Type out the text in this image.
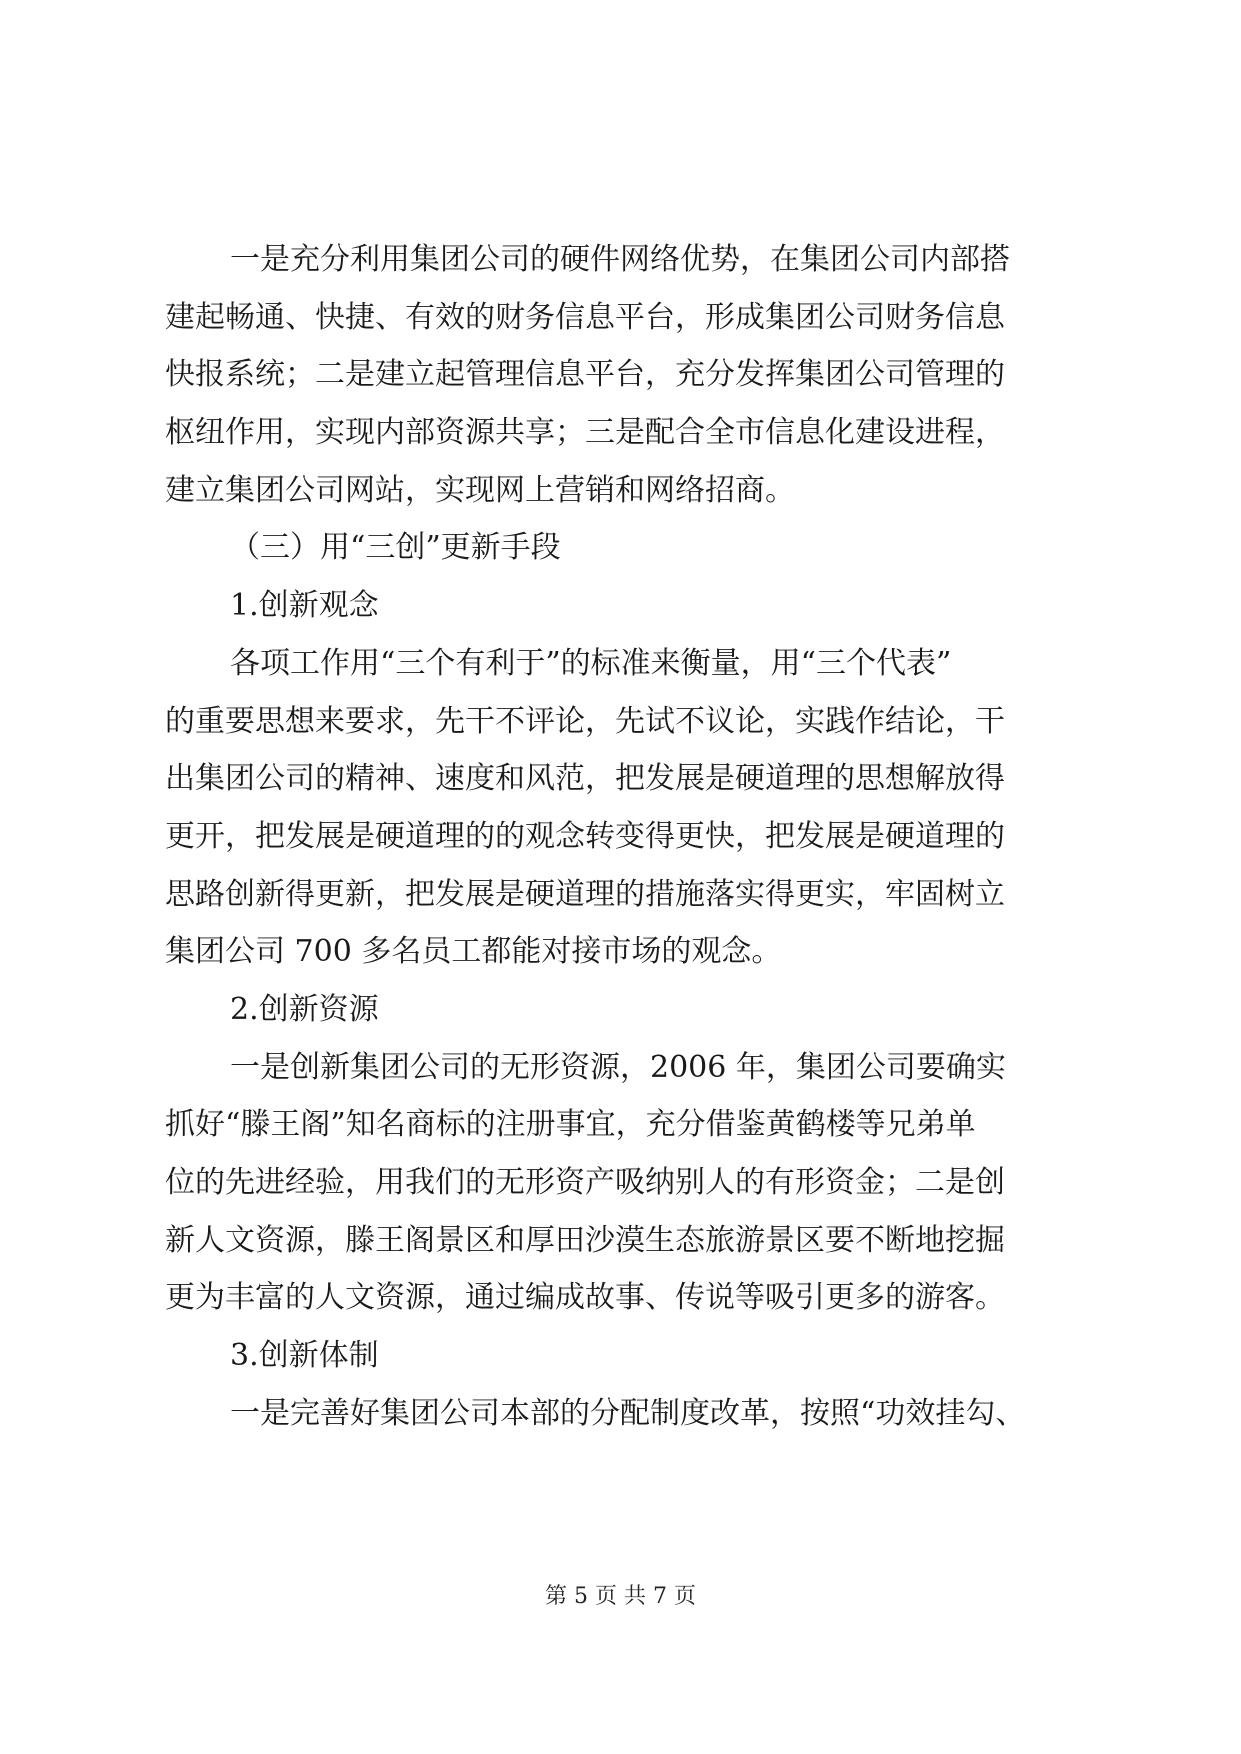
一是充分利用集团公司的硬件网络优势，在集团公司内部搭
建起畅通、快捷、有效的财务信息平台，形成集团公司财务信息
快报系统；二是建立起管理信息平台，充分发挥集团公司管理的
枢纽作用，实现内部资源共享；三是配合全市信息化建设进程，
建立集团公司网站，实现网上营销和网络招商。
（三）用“三创”更新手段
1.创新观念
各项工作用“三个有利于”的标准来衡量，用“三个代表”
的重要思想来要求，先干不评论，先试不议论，实践作结论，干
出集团公司的精神、速度和风范，把发展是硬道理的思想解放得
更开，把发展是硬道理的的观念转变得更快，把发展是硬道理的
思路创新得更新，把发展是硬道理的措施落实得更实，牢固树立
集团公司 700 多名员工都能对接市场的观念。
2.创新资源
一是创新集团公司的无形资源，2006 年，集团公司要确实
抓好“滕王阁”知名商标的注册事宜，充分借鉴黄鹤楼等兄弟单
位的先进经验，用我们的无形资产吸纳别人的有形资金；二是创
新人文资源，滕王阁景区和厚田沙漠生态旅游景区要不断地挖掘
更为丰富的人文资源，通过编成故事、传说等吸引更多的游客。
3.创新体制
一是完善好集团公司本部的分配制度改革，按照“功效挂勾、
第 5 页 共 7 页
